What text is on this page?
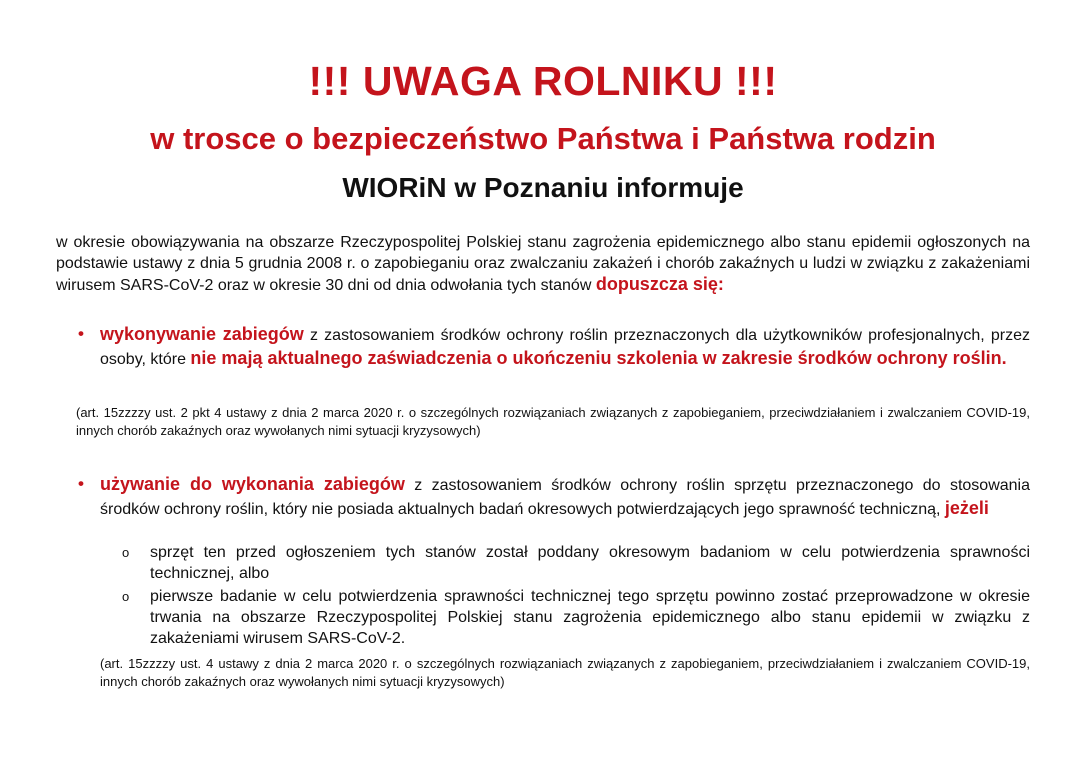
!!! UWAGA ROLNIKU !!!
w trosce o bezpieczeństwo Państwa i Państwa rodzin
WIORiN w Poznaniu informuje
w okresie obowiązywania na obszarze Rzeczypospolitej Polskiej stanu zagrożenia epidemicznego albo stanu epidemii ogłoszonych na podstawie ustawy z dnia 5 grudnia 2008 r. o zapobieganiu oraz zwalczaniu zakażeń i chorób zakaźnych u ludzi w związku z zakażeniami wirusem SARS-CoV-2 oraz w okresie 30 dni od dnia odwołania tych stanów dopuszcza się:
• wykonywanie zabiegów z zastosowaniem środków ochrony roślin przeznaczonych dla użytkowników profesjonalnych, przez osoby, które nie mają aktualnego zaświadczenia o ukończeniu szkolenia w zakresie środków ochrony roślin.
(art. 15zzzzy ust. 2 pkt 4 ustawy z dnia 2 marca 2020 r. o szczególnych rozwiązaniach związanych z zapobieganiem, przeciwdziałaniem i zwalczaniem COVID-19, innych chorób zakaźnych oraz wywołanych nimi sytuacji kryzysowych)
• używanie do wykonania zabiegów z zastosowaniem środków ochrony roślin sprzętu przeznaczonego do stosowania środków ochrony roślin, który nie posiada aktualnych badań okresowych potwierdzających jego sprawność techniczną, jeżeli
o sprzęt ten przed ogłoszeniem tych stanów został poddany okresowym badaniom w celu potwierdzenia sprawności technicznej, albo
o pierwsze badanie w celu potwierdzenia sprawności technicznej tego sprzętu powinno zostać przeprowadzone w okresie trwania na obszarze Rzeczypospolitej Polskiej stanu zagrożenia epidemicznego albo stanu epidemii w związku z zakażeniami wirusem SARS-CoV-2.
(art. 15zzzzy ust. 4 ustawy z dnia 2 marca 2020 r. o szczególnych rozwiązaniach związanych z zapobieganiem, przeciwdziałaniem i zwalczaniem COVID-19, innych chorób zakaźnych oraz wywołanych nimi sytuacji kryzysowych)
